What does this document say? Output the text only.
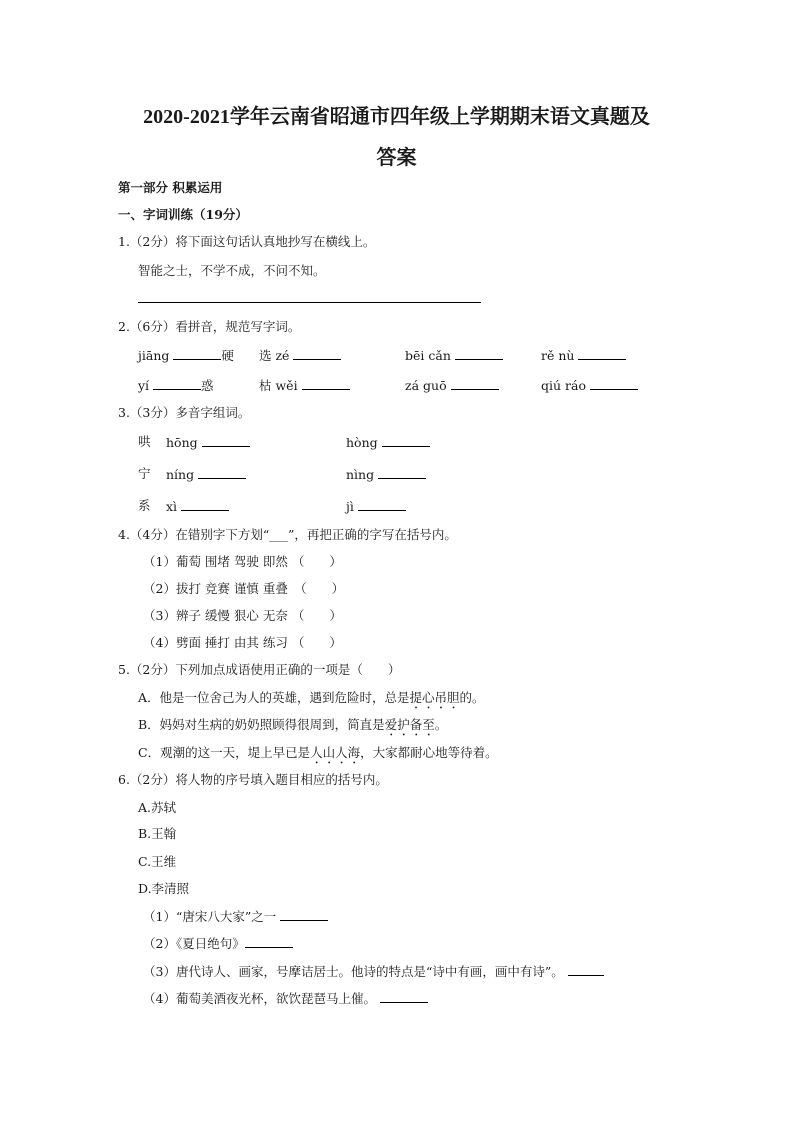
2020-2021学年云南省昭通市四年级上学期期末语文真题及
答案
第一部分 积累运用
一、字词训练（19分）
1.（2分）将下面这句话认真地抄写在横线上。
智能之士，不学不成，不问不知。
2.（6分）看拼音，规范写字词。
jiāng	硬 选 zé	bēi cǎn	rě nù
yí	惑	枯 wěi	zá guō	qiú ráo
3.（3分）多音字组词。
哄 hōng	hòng
宁 níng	nìng
系 xì	jì
4.（4分）在错别字下方划“___”，再把正确的字写在括号内。
（1）葡萄 围堵 驾驶 即然 （　　）
（2）拔打 竞赛 谨慎 重叠　（　　）
（3）辨子 缓慢 狠心 无奈 （　　）
（4）劈面 捶打 由其 练习 （　　）
5.（2分）下列加点成语使用正确的一项是（　　）
A．他是一位舍己为人的英雄，遇到危险时，总是提心吊胆的。
B．妈妈对生病的奶奶照顾得很周到，简直是爱护备至。
C．观潮的这一天，堤上早已是人山人海，大家都耐心地等待着。
6.（2分）将人物的序号填入题目相应的括号内。
A.苏轼
B.王翰
C.王维
D.李清照
（1）“唐宋八大家”之一
（2）《夏日绝句》
（3）唐代诗人、画家，号摩诘居士。他诗的特点是“诗中有画，画中有诗”。
（4）葡萄美酒夜光杯，欲饮琵琶马上催。
